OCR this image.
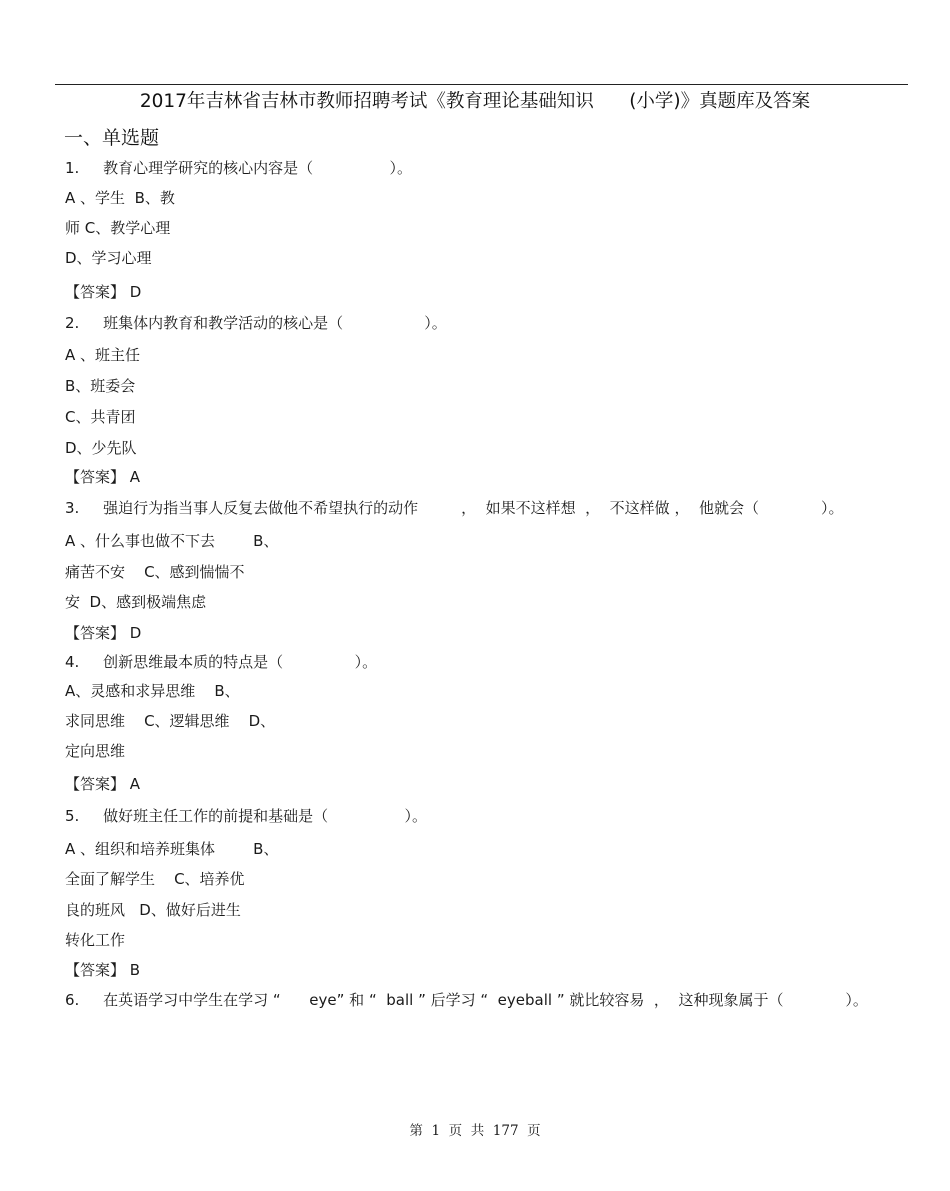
2017年吉林省吉林市教师招聘考试《教育理论基础知识      (小学)》真题库及答案
一、单选题
1.     教育心理学研究的核心内容是（                ）。
A 、学生  B、教
师 C、教学心理
D、学习心理
【答案】 D
2.     班集体内教育和教学活动的核心是（                 ）。
A 、班主任
B、班委会
C、共青团
D、少先队
【答案】 A
3.     强迫行为指当事人反复去做他不希望执行的动作         ，  如果不这样想  ，  不这样做 ，  他就会（             ）。
A 、什么事也做不下去        B、
痛苦不安    C、感到惴惴不
安  D、感到极端焦虑
【答案】 D
4.     创新思维最本质的特点是（               ）。
A、灵感和求异思维    B、
求同思维    C、逻辑思维    D、
定向思维
【答案】 A
5.     做好班主任工作的前提和基础是（                ）。
A 、组织和培养班集体        B、
全面了解学生    C、培养优
良的班风   D、做好后进生
转化工作
【答案】 B
6.     在英语学习中学生在学习 “      eye” 和 “  ball ” 后学习 “  eyeball ” 就比较容易  ，  这种现象属于（             ）。
第  1  页  共  177  页
